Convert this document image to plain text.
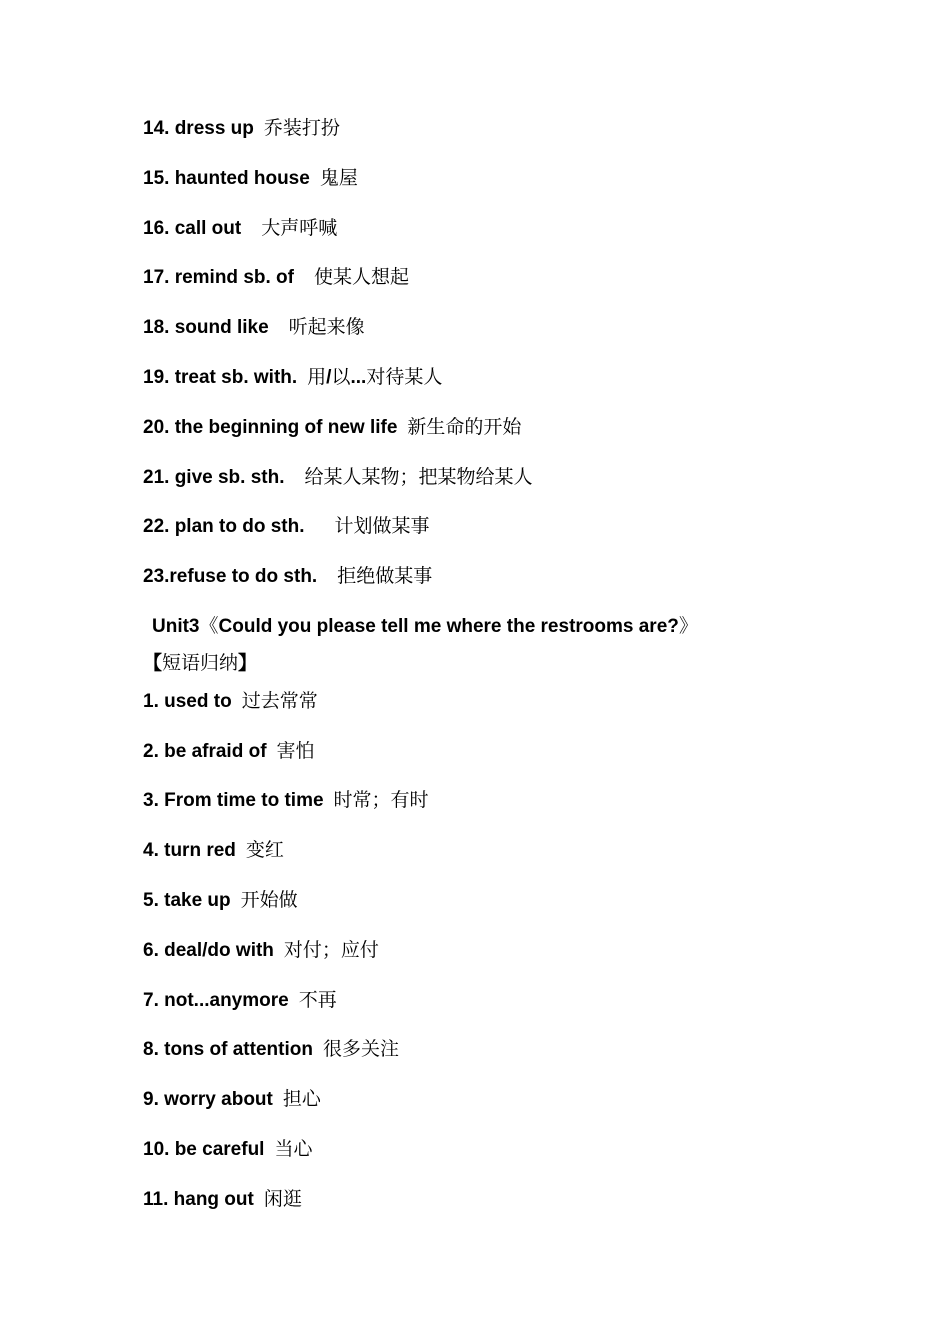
14. dress up 乔装打扮
15. haunted house 鬼屋
16. call out 大声呼喊
17. remind sb. of 使某人想起
18. sound like 听起来像
19. treat sb. with. 用/以...对待某人
20. the beginning of new life 新生命的开始
21. give sb. sth. 给某人某物；把某物给某人
22. plan to do sth. 计划做某事
23.refuse to do sth. 拒绝做某事
Unit3《Could you please tell me where the restrooms are?》
【短语归纳】
1. used to 过去常常
2. be afraid of 害怕
3. From time to time 时常；有时
4. turn red 变红
5. take up 开始做
6. deal/do with 对付；应付
7. not...anymore 不再
8. tons of attention 很多关注
9. worry about 担心
10. be careful 当心
11. hang out 闲逛
